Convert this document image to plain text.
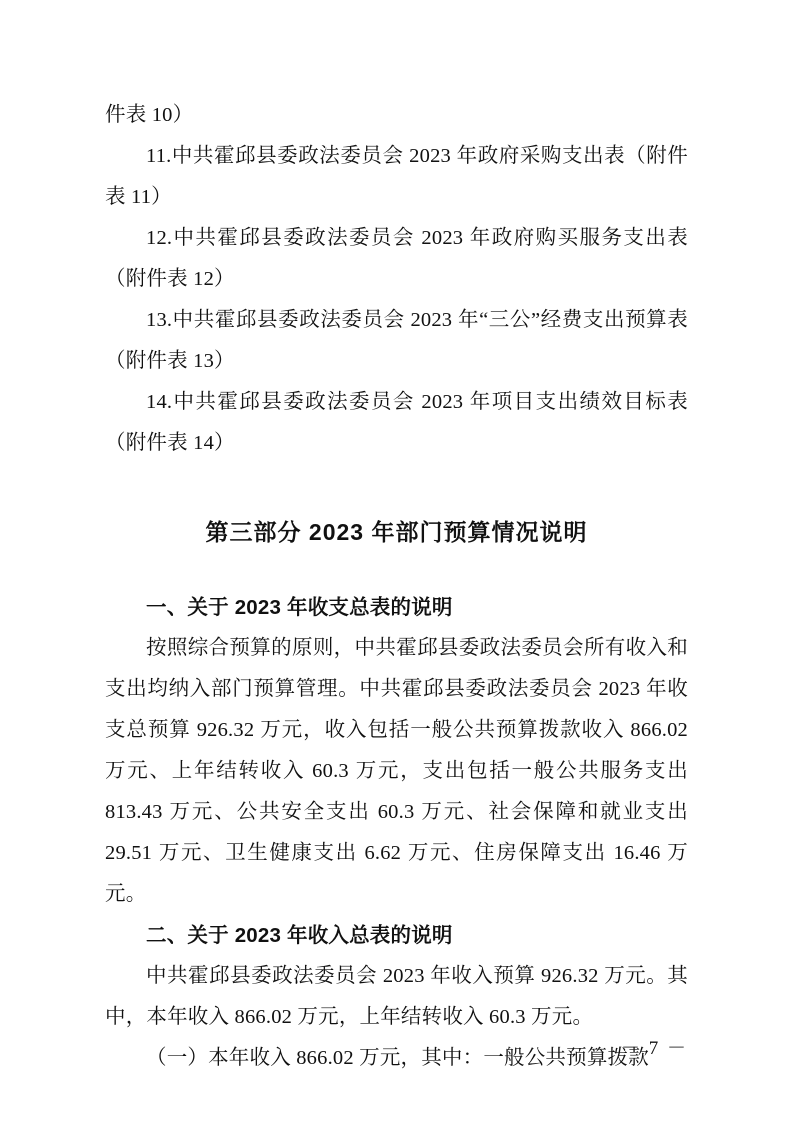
件表 10）

11.中共霍邱县委政法委员会 2023 年政府采购支出表（附件表 11）

12.中共霍邱县委政法委员会 2023 年政府购买服务支出表（附件表 12）

13.中共霍邱县委政法委员会 2023 年“三公”经费支出预算表（附件表 13）

14.中共霍邱县委政法委员会 2023 年项目支出绩效目标表（附件表 14）

第三部分 2023 年部门预算情况说明
一、关于 2023 年收支总表的说明

按照综合预算的原则，中共霍邱县委政法委员会所有收入和支出均纳入部门预算管理。中共霍邱县委政法委员会 2023 年收支总预算 926.32 万元，收入包括一般公共预算拨款收入 866.02 万元、上年结转收入 60.3 万元，支出包括一般公共服务支出 813.43 万元、公共安全支出 60.3 万元、社会保障和就业支出 29.51 万元、卫生健康支出 6.62 万元、住房保障支出 16.46 万元。

二、关于 2023 年收入总表的说明

中共霍邱县委政法委员会 2023 年收入预算 926.32 万元。其中，本年收入 866.02 万元，上年结转收入 60.3 万元。

（一）本年收入 866.02 万元，其中：一般公共预算拨款

－ 7 －
